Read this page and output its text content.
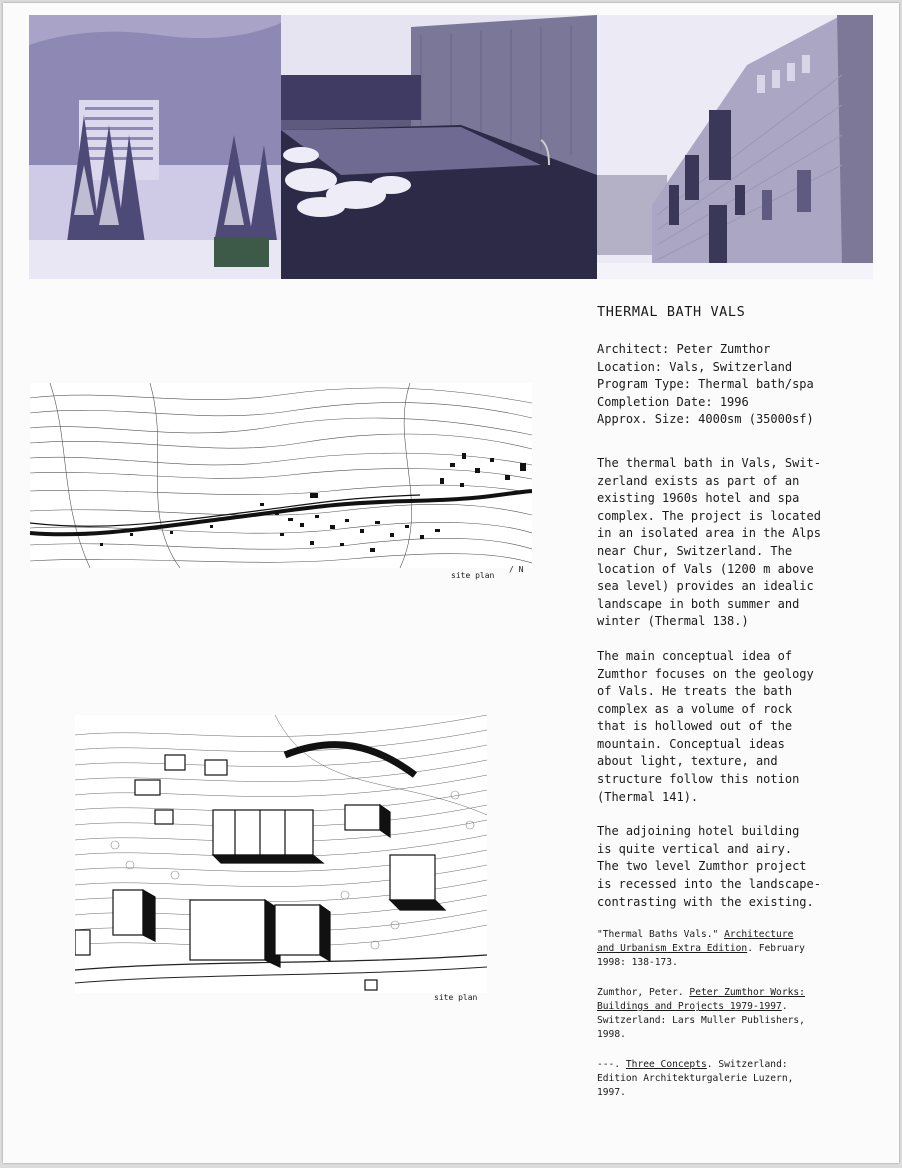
site plan
/ N
site plan
THERMAL BATH VALS
Architect: Peter Zumthor
Location: Vals, Switzerland
Program Type: Thermal bath/spa
Completion Date: 1996
Approx. Size: 4000sm (35000sf)
The thermal bath in Vals, Swit-
zerland exists as part of an
existing 1960s hotel and spa
complex. The project is located
in an isolated area in the Alps
near Chur, Switzerland. The
location of Vals (1200 m above
sea level) provides an idealic
landscape in both summer and
winter (Thermal 138.)
The main conceptual idea of
Zumthor focuses on the geology
of Vals. He treats the bath
complex as a volume of rock
that is hollowed out of the
mountain. Conceptual ideas
about light, texture, and
structure follow this notion
(Thermal 141).
The adjoining hotel building
is quite vertical and airy.
The two level Zumthor project
is recessed into the landscape-
contrasting with the existing.
"Thermal Baths Vals." Architecture
and Urbanism Extra Edition. February
1998: 138-173.
Zumthor, Peter. Peter Zumthor Works:
Buildings and Projects 1979-1997.
Switzerland: Lars Muller Publishers,
1998.
---. Three Concepts. Switzerland:
Edition Architekturgalerie Luzern,
1997.
